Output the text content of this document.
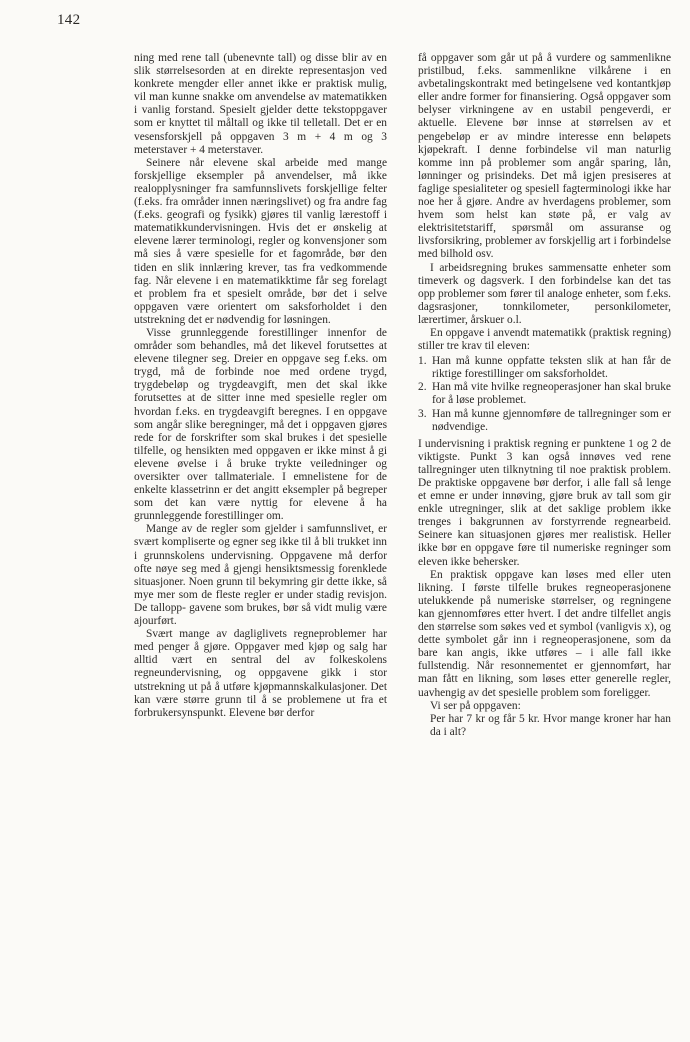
142

ning med rene tall (ubenevnte tall) og disse blir av en slik størrelsesorden at en direkte representasjon ved konkrete mengder eller annet ikke er praktisk mulig, vil man kunne snakke om anvendelse av matematikken i vanlig forstand. Spesielt gjelder dette tekstoppgaver som er knyttet til måltall og ikke til telletall. Det er en vesensforskjell på oppgaven 3 m + 4 m og 3 meterstaver + 4 meterstaver.

Seinere når elevene skal arbeide med mange forskjellige eksempler på anvendelser, må ikke realopplysninger fra samfunnslivets forskjellige felter (f.eks. fra områder innen næringslivet) og fra andre fag (f.eks. geografi og fysikk) gjøres til vanlig lærestoff i matematikkundervisningen. Hvis det er ønskelig at elevene lærer terminologi, regler og konvensjoner som må sies å være spesielle for et fagområde, bør den tiden en slik innlæring krever, tas fra vedkommende fag. Når elevene i en matematikktime får seg forelagt et problem fra et spesielt område, bør det i selve oppgaven være orientert om saksforholdet i den utstrekning det er nødvendig for løsningen.

Visse grunnleggende forestillinger innenfor de områder som behandles, må det likevel forutsettes at elevene tilegner seg. Dreier en oppgave seg f.eks. om trygd, må de forbinde noe med ordene trygd, trygdebeløp og trygdeavgift, men det skal ikke forutsettes at de sitter inne med spesielle regler om hvordan f.eks. en trygdeavgift beregnes. I en oppgave som angår slike beregninger, må det i oppgaven gjøres rede for de forskrifter som skal brukes i det spesielle tilfelle, og hensikten med oppgaven er ikke minst å gi elevene øvelse i å bruke trykte veiledninger og oversikter over tallmateriale. I emnelistene for de enkelte klassetrinn er det angitt eksempler på begreper som det kan være nyttig for elevene å ha grunnleggende forestillinger om.

Mange av de regler som gjelder i samfunnslivet, er svært kompliserte og egner seg ikke til å bli trukket inn i grunnskolens undervisning. Oppgavene må derfor ofte nøye seg med å gjengi hensiktsmessig forenklede situasjoner. Noen grunn til bekymring gir dette ikke, så mye mer som de fleste regler er under stadig revisjon. De tallopp- gavene som brukes, bør så vidt mulig være ajourført.

Svært mange av dagliglivets regneproblemer har med penger å gjøre. Oppgaver med kjøp og salg har alltid vært en sentral del av folkeskolens regneundervisning, og oppgavene gikk i stor utstrekning ut på å utføre kjøpmannskalkulasjoner. Det kan være større grunn til å se problemene ut fra et forbrukersynspunkt. Elevene bør derfor

få oppgaver som går ut på å vurdere og sammenlikne pristilbud, f.eks. sammenlikne vilkårene i en avbetalingskontrakt med betingelsene ved kontantkjøp eller andre former for finansiering. Også oppgaver som belyser virkningene av en ustabil pengeverdi, er aktuelle. Elevene bør innse at størrelsen av et pengebeløp er av mindre interesse enn beløpets kjøpekraft. I denne forbindelse vil man naturlig komme inn på problemer som angår sparing, lån, lønninger og prisindeks. Det må igjen presiseres at faglige spesialiteter og spesiell fagterminologi ikke har noe her å gjøre. Andre av hverdagens problemer, som hvem som helst kan støte på, er valg av elektrisitetstariff, spørsmål om assuranse og livsforsikring, problemer av forskjellig art i forbindelse med bilhold osv.

I arbeidsregning brukes sammensatte enheter som timeverk og dagsverk. I den forbindelse kan det tas opp problemer som fører til analoge enheter, som f.eks. dagsrasjoner, tonnkilometer, personkilometer, lærertimer, årskuer o.l.

En oppgave i anvendt matematikk (praktisk regning) stiller tre krav til eleven:

1. Han må kunne oppfatte teksten slik at han får de riktige forestillinger om saksforholdet.
2. Han må vite hvilke regneoperasjoner han skal bruke for å løse problemet.
3. Han må kunne gjennomføre de tallregninger som er nødvendige.

I undervisning i praktisk regning er punktene 1 og 2 de viktigste. Punkt 3 kan også innøves ved rene tallregninger uten tilknytning til noe praktisk problem. De praktiske oppgavene bør derfor, i alle fall så lenge et emne er under innøving, gjøre bruk av tall som gir enkle utregninger, slik at det saklige problem ikke trenges i bakgrunnen av forstyrrende regnearbeid. Seinere kan situasjonen gjøres mer realistisk. Heller ikke bør en oppgave føre til numeriske regninger som eleven ikke behersker.

En praktisk oppgave kan løses med eller uten likning. I første tilfelle brukes regneoperasjonene utelukkende på numeriske størrelser, og regningene kan gjennomføres etter hvert. I det andre tilfellet angis den størrelse som søkes ved et symbol (vanligvis x), og dette symbolet går inn i regneoperasjonene, som da bare kan angis, ikke utføres – i alle fall ikke fullstendig. Når resonnementet er gjennomført, har man fått en likning, som løses etter generelle regler, uavhengig av det spesielle problem som foreligger.

Vi ser på oppgaven:

Per har 7 kr og får 5 kr. Hvor mange kroner har han da i alt?
